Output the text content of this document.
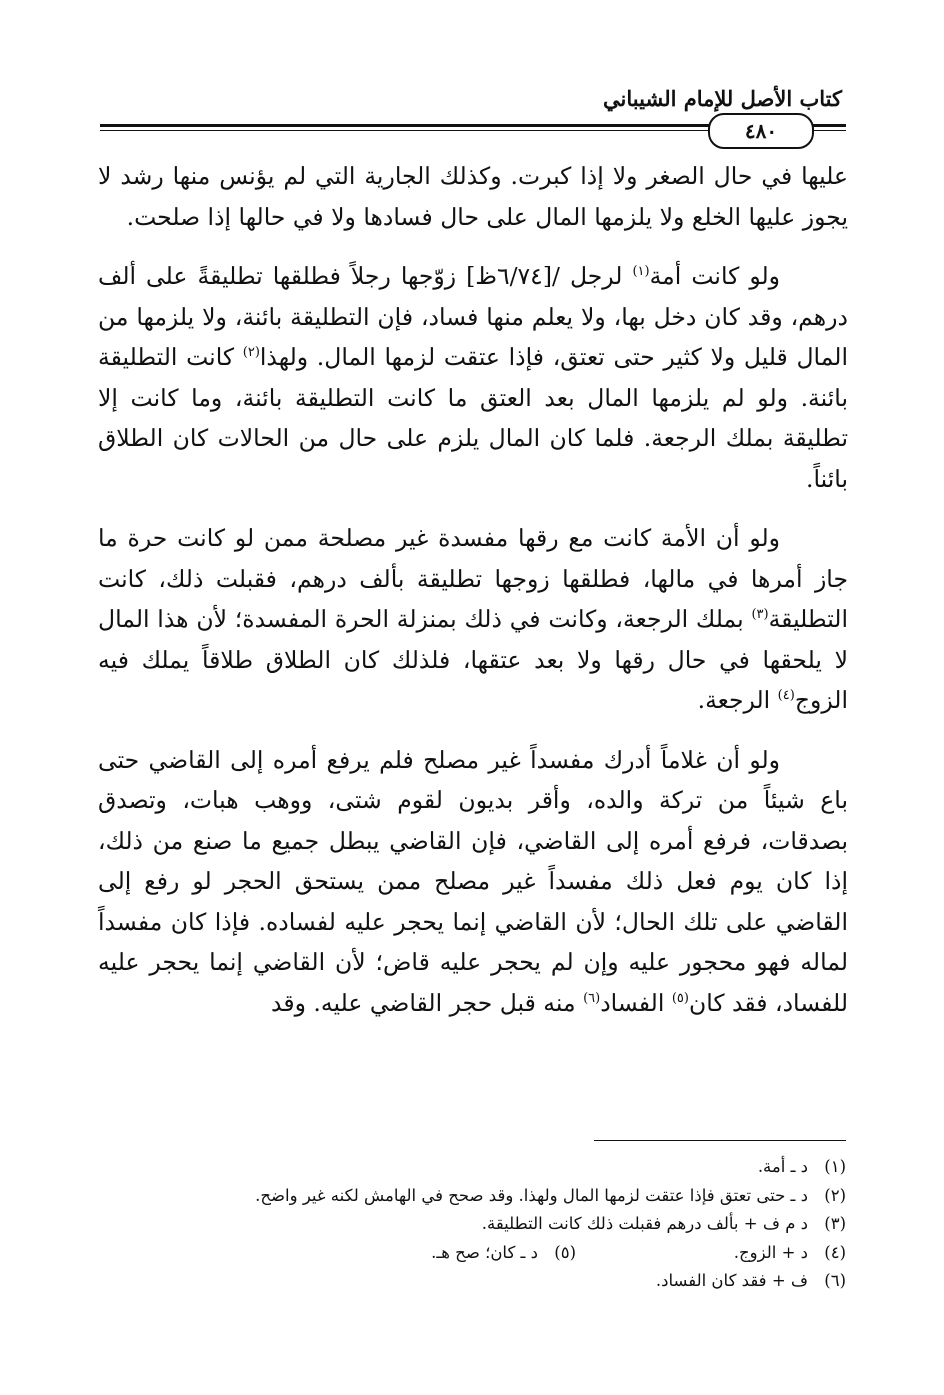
كتاب الأصل للإمام الشيباني
٤٨٠

عليها في حال الصغر ولا إذا كبرت. وكذلك الجارية التي لم يؤنس منها رشد لا يجوز عليها الخلع ولا يلزمها المال على حال فسادها ولا في حالها إذا صلحت.

ولو كانت أمة$^{(١)}$ لرجل /[٦/٧٤ظ] زوّجها رجلاً فطلقها تطليقةً على ألف درهم، وقد كان دخل بها، ولا يعلم منها فساد، فإن التطليقة بائنة، ولا يلزمها من المال قليل ولا كثير حتى تعتق، فإذا عتقت لزمها المال. ولهذا$^{(٢)}$ كانت التطليقة بائنة. ولو لم يلزمها المال بعد العتق ما كانت التطليقة بائنة، وما كانت إلا تطليقة بملك الرجعة. فلما كان المال يلزم على حال من الحالات كان الطلاق بائناً.

ولو أن الأمة كانت مع رقها مفسدة غير مصلحة ممن لو كانت حرة ما جاز أمرها في مالها، فطلقها زوجها تطليقة بألف درهم، فقبلت ذلك، كانت التطليقة$^{(٣)}$ بملك الرجعة، وكانت في ذلك بمنزلة الحرة المفسدة؛ لأن هذا المال لا يلحقها في حال رقها ولا بعد عتقها، فلذلك كان الطلاق طلاقاً يملك فيه الزوج$^{(٤)}$ الرجعة.

ولو أن غلاماً أدرك مفسداً غير مصلح فلم يرفع أمره إلى القاضي حتى باع شيئاً من تركة والده، وأقر بديون لقوم شتى، ووهب هبات، وتصدق بصدقات، فرفع أمره إلى القاضي، فإن القاضي يبطل جميع ما صنع من ذلك، إذا كان يوم فعل ذلك مفسداً غير مصلح ممن يستحق الحجر لو رفع إلى القاضي على تلك الحال؛ لأن القاضي إنما يحجر عليه لفساده. فإذا كان مفسداً لماله فهو محجور عليه وإن لم يحجر عليه قاض؛ لأن القاضي إنما يحجر عليه للفساد، فقد كان$^{(٥)}$ الفساد$^{(٦)}$ منه قبل حجر القاضي عليه. وقد

(١)د ـ أمة.
(٢)د ـ حتى تعتق فإذا عتقت لزمها المال ولهذا. وقد صحح في الهامش لكنه غير واضح.
(٣)د م ف + بألف درهم فقبلت ذلك كانت التطليقة.
(٤)د + الزوج.
(٥)د ـ كان؛ صح هـ.
(٦)ف + فقد كان الفساد.
